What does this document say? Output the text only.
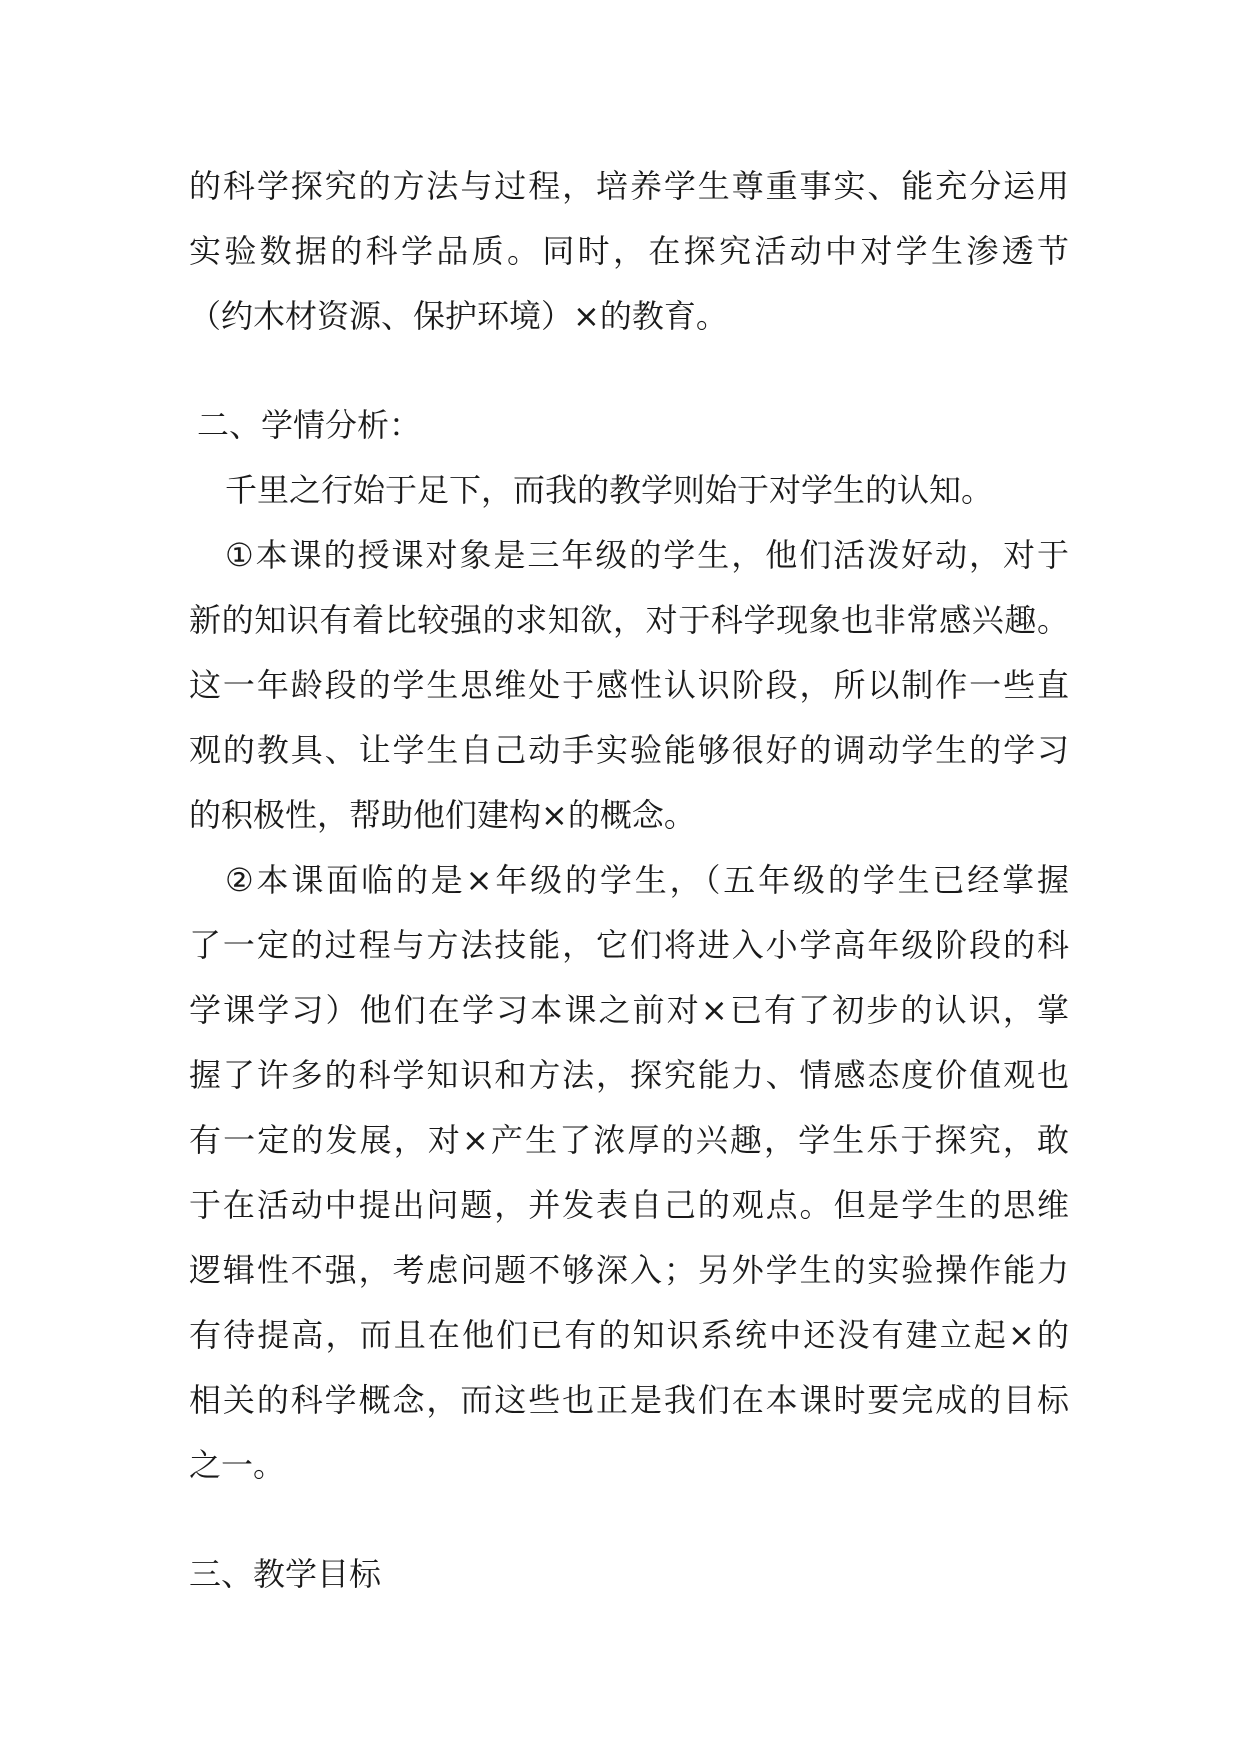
的科学探究的方法与过程，培养学生尊重事实、能充分运用
实验数据的科学品质。同时，在探究活动中对学生渗透节
（约木材资源、保护环境）×的教育。
二、学情分析：
千里之行始于足下，而我的教学则始于对学生的认知。
①本课的授课对象是三年级的学生，他们活泼好动，对于
新的知识有着比较强的求知欲，对于科学现象也非常感兴趣。
这一年龄段的学生思维处于感性认识阶段，所以制作一些直
观的教具、让学生自己动手实验能够很好的调动学生的学习
的积极性，帮助他们建构×的概念。
②本课面临的是×年级的学生，（五年级的学生已经掌握
了一定的过程与方法技能，它们将进入小学高年级阶段的科
学课学习）他们在学习本课之前对×已有了初步的认识，掌
握了许多的科学知识和方法，探究能力、情感态度价值观也
有一定的发展，对×产生了浓厚的兴趣，学生乐于探究，敢
于在活动中提出问题，并发表自己的观点。但是学生的思维
逻辑性不强，考虑问题不够深入；另外学生的实验操作能力
有待提高，而且在他们已有的知识系统中还没有建立起×的
相关的科学概念，而这些也正是我们在本课时要完成的目标
之一。
三、教学目标
